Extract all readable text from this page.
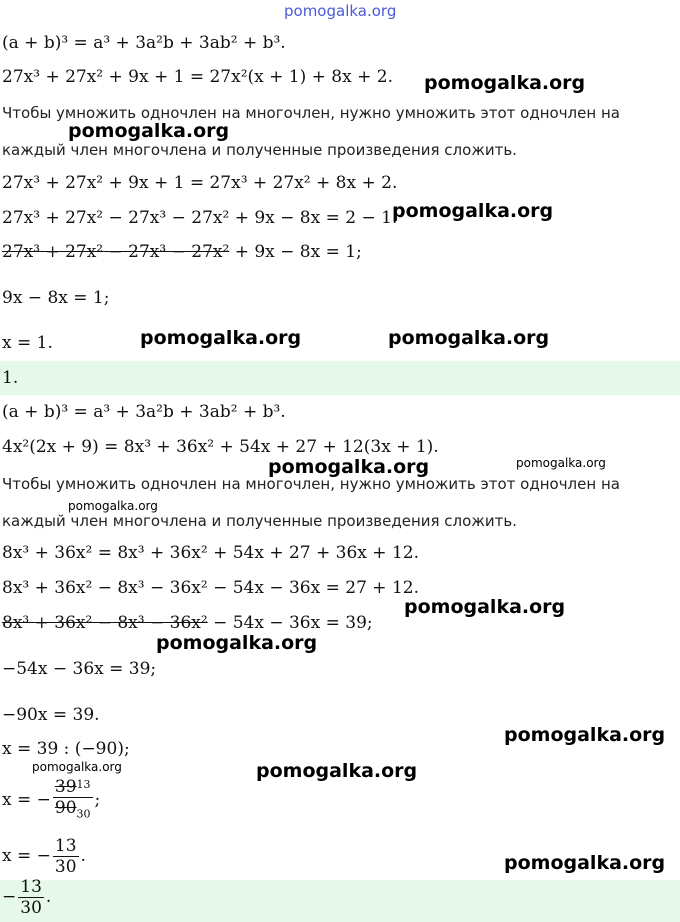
pomogalka.org
(a + b)³ = a³ + 3a²b + 3ab² + b³.
27x³ + 27x² + 9x + 1 = 27x²(x + 1) + 8x + 2. pomogalka.org
Чтобы умножить одночлен на многочлен, нужно умножить этот одночлен на
pomogalka.org
каждый член многочлена и полученные произведения сложить.
27x³ + 27x² + 9x + 1 = 27x³ + 27x² + 8x + 2.
27x³ + 27x² − 27x³ − 27x² + 9x − 8x = 2 − 1.
pomogalka.org
27x³ + 27x² − 27x³ − 27x² + 9x − 8x = 1;
9x − 8x = 1;
x = 1.	pomogalka.org	pomogalka.org
1.
(a + b)³ = a³ + 3a²b + 3ab² + b³.
4x²(2x + 9) = 8x³ + 36x² + 54x + 27 + 12(3x + 1).
pomogalka.org	pomogalka.org
Чтобы умножить одночлен на многочлен, нужно умножить этот одночлен на
pomogalka.org
каждый член многочлена и полученные произведения сложить.
8x³ + 36x² = 8x³ + 36x² + 54x + 27 + 36x + 12.
8x³ + 36x² − 8x³ − 36x² − 54x − 36x = 27 + 12.
pomogalka.org
8x³ + 36x² − 8x³ − 36x² − 54x − 36x = 39;
pomogalka.org
−54x − 36x = 39;
−90x = 39.
x = 39 : (−90);
pomogalka.org
pomogalka.org	pomogalka.org
x = − $\frac{39^{13}}{90_{30}}$ ;
x = − $\frac{13}{30}$ .	pomogalka.org
− $\frac{13}{30}$ .
